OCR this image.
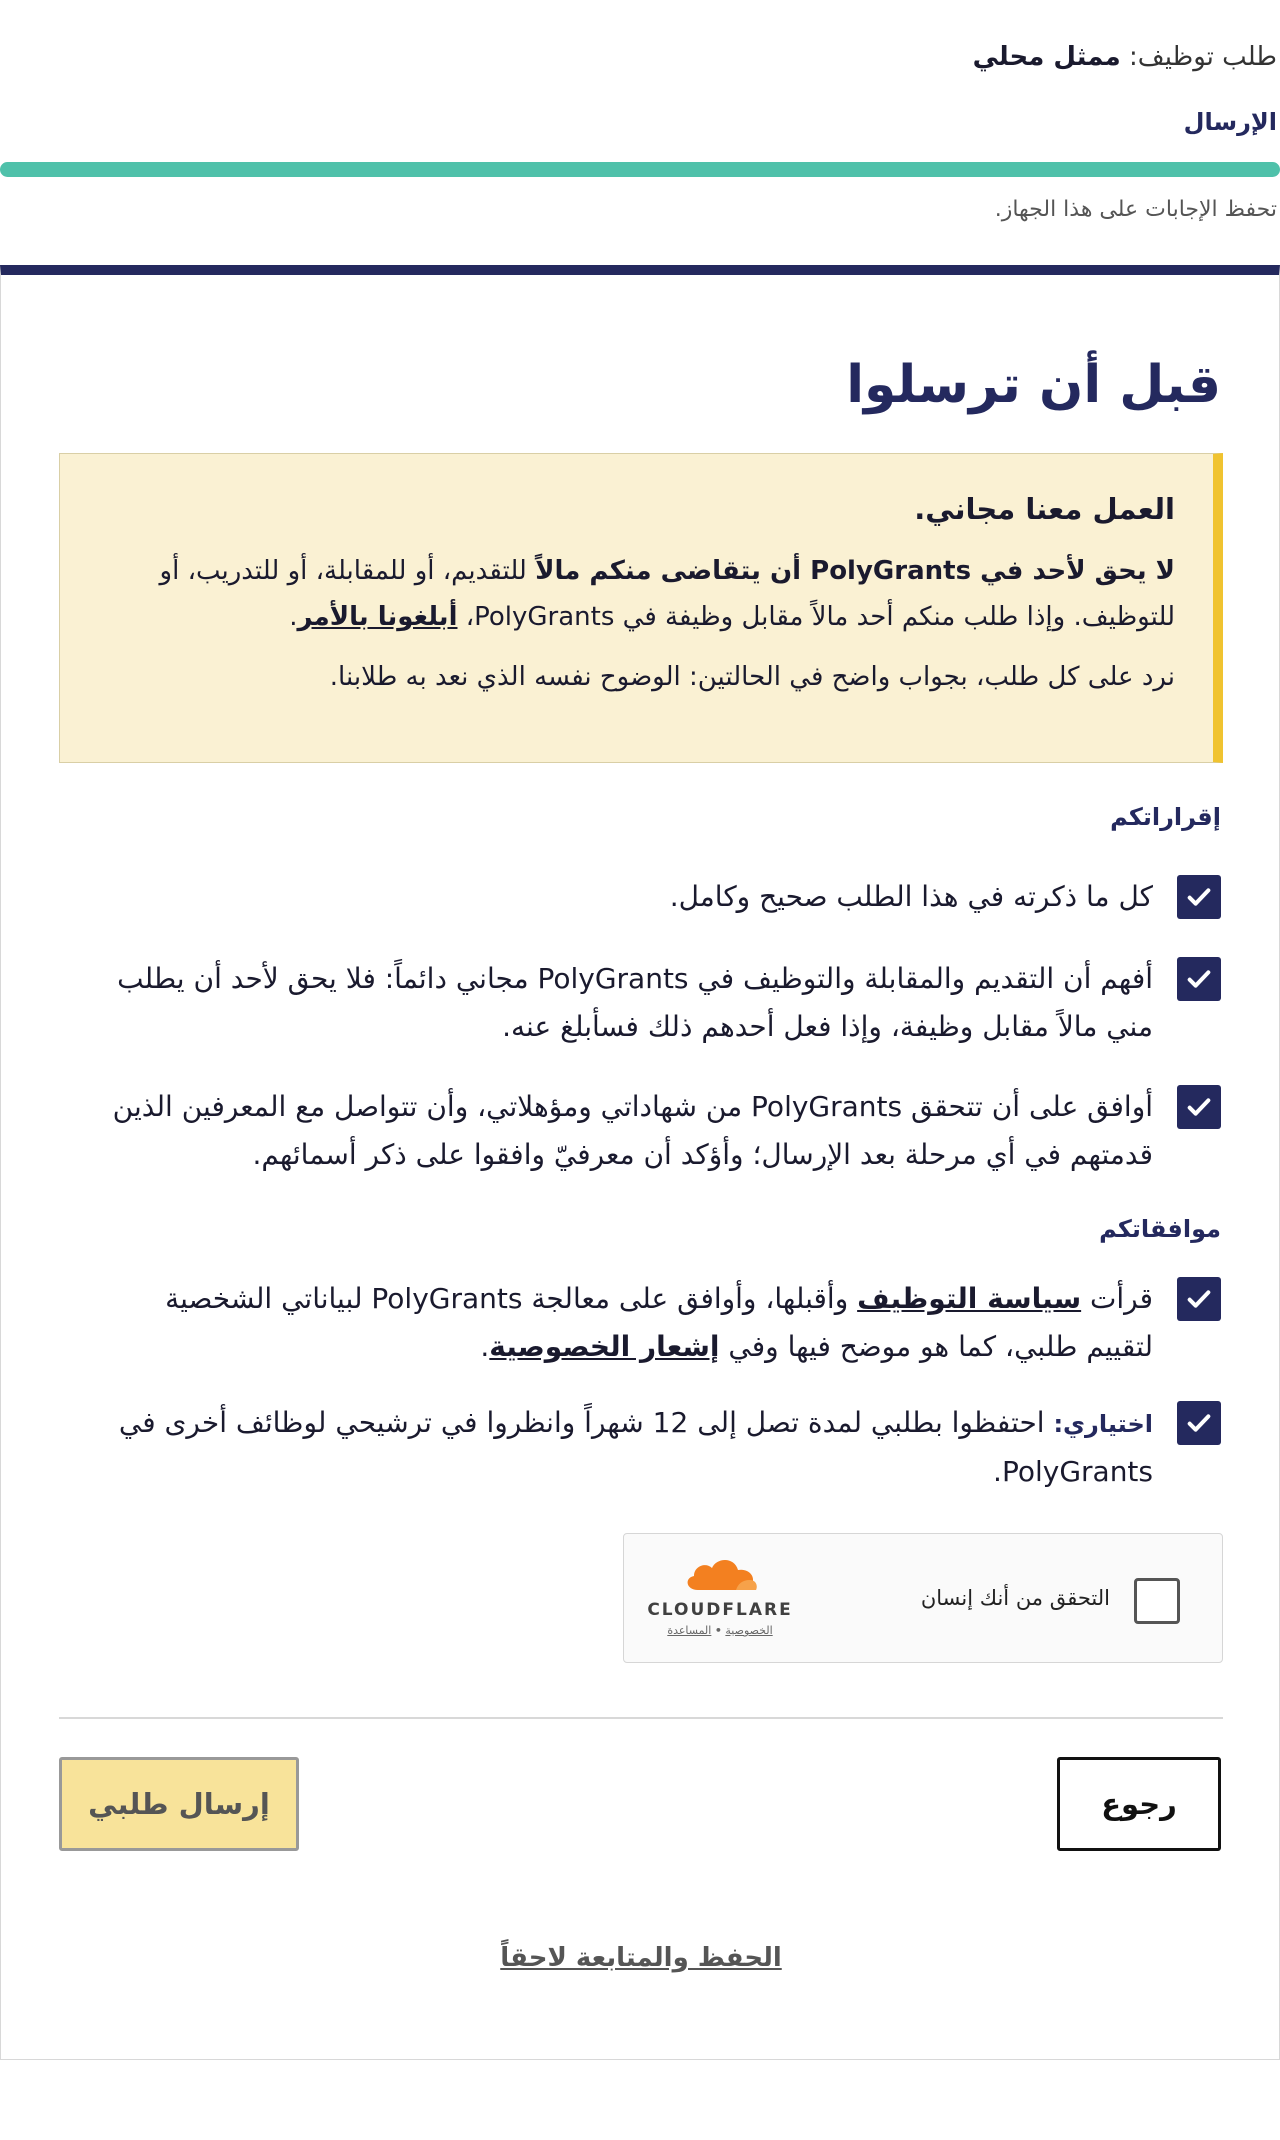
طلب توظيف: ممثل محلي
الإرسال
تحفظ الإجابات على هذا الجهاز.
قبل أن ترسلوا
العمل معنا مجاني.
لا يحق لأحد في PolyGrants أن يتقاضى منكم مالاً للتقديم، أو للمقابلة، أو للتدريب، أو للتوظيف. وإذا طلب منكم أحد مالاً مقابل وظيفة في PolyGrants، أبلغونا بالأمر.
نرد على كل طلب، بجواب واضح في الحالتين: الوضوح نفسه الذي نعد به طلابنا.
إقراراتكم
كل ما ذكرته في هذا الطلب صحيح وكامل.
أفهم أن التقديم والمقابلة والتوظيف في PolyGrants مجاني دائماً: فلا يحق لأحد أن يطلب مني مالاً مقابل وظيفة، وإذا فعل أحدهم ذلك فسأبلغ عنه.
أوافق على أن تتحقق PolyGrants من شهاداتي ومؤهلاتي، وأن تتواصل مع المعرفين الذين قدمتهم في أي مرحلة بعد الإرسال؛ وأؤكد أن معرفيّ وافقوا على ذكر أسمائهم.
موافقاتكم
قرأت سياسة التوظيف وأقبلها، وأوافق على معالجة PolyGrants لبياناتي الشخصية لتقييم طلبي، كما هو موضح فيها وفي إشعار الخصوصية.
اختياري: احتفظوا بطلبي لمدة تصل إلى 12 شهراً وانظروا في ترشيحي لوظائف أخرى في PolyGrants.
التحقق من أنك إنسان
CLOUDFLARE
الخصوصية • المساعدة
رجوع
إرسال طلبي
الحفظ والمتابعة لاحقاً
